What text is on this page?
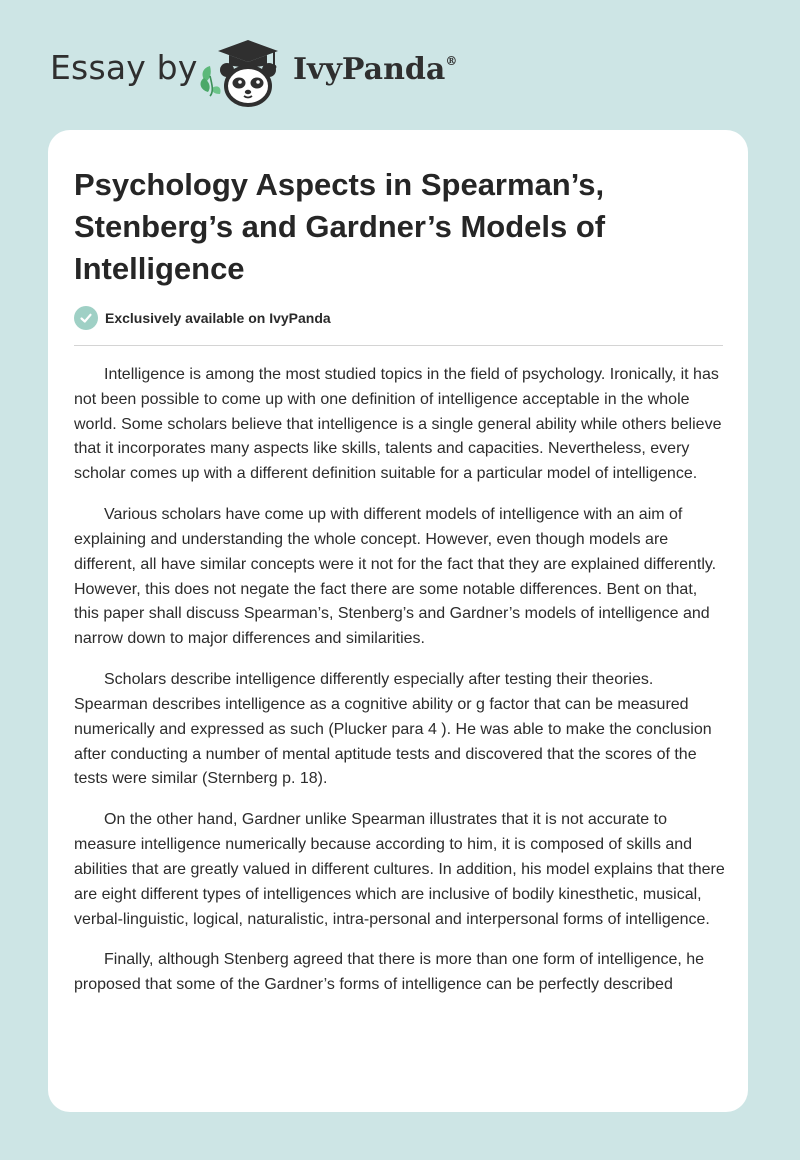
Essay by	IvyPanda®
Psychology Aspects in Spearman’s, Stenberg’s and Gardner’s Models of Intelligence
Exclusively available on IvyPanda

Intelligence is among the most studied topics in the field of psychology. Ironically, it has not been possible to come up with one definition of intelligence acceptable in the whole world. Some scholars believe that intelligence is a single general ability while others believe that it incorporates many aspects like skills, talents and capacities. Nevertheless, every scholar comes up with a different definition suitable for a particular model of intelligence.

Various scholars have come up with different models of intelligence with an aim of explaining and understanding the whole concept. However, even though models are different, all have similar concepts were it not for the fact that they are explained differently. However, this does not negate the fact there are some notable differences. Bent on that, this paper shall discuss Spearman’s, Stenberg’s and Gardner’s models of intelligence and narrow down to major differences and similarities.

Scholars describe intelligence differently especially after testing their theories. Spearman describes intelligence as a cognitive ability or g factor that can be measured numerically and expressed as such (Plucker para 4 ). He was able to make the conclusion after conducting a number of mental aptitude tests and discovered that the scores of the tests were similar (Sternberg p. 18).

On the other hand, Gardner unlike Spearman illustrates that it is not accurate to measure intelligence numerically because according to him, it is composed of skills and abilities that are greatly valued in different cultures. In addition, his model explains that there are eight different types of intelligences which are inclusive of bodily kinesthetic, musical, verbal-linguistic, logical, naturalistic, intra-personal and interpersonal forms of intelligence.

Finally, although Stenberg agreed that there is more than one form of intelligence, he proposed that some of the Gardner’s forms of intelligence can be perfectly described
